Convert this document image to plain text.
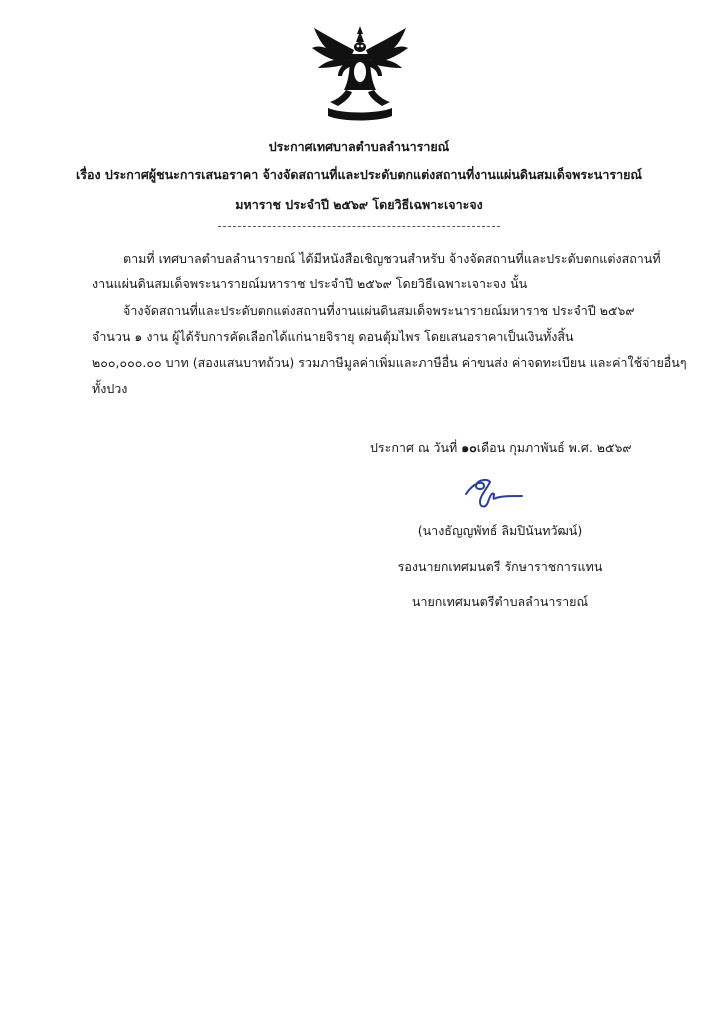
ประกาศเทศบาลตำบลลำนารายณ์
เรื่อง ประกาศผู้ชนะการเสนอราคา จ้างจัดสถานที่และประดับตกแต่งสถานที่งานแผ่นดินสมเด็จพระนารายณ์
มหาราช ประจำปี ๒๕๖๙ โดยวิธีเฉพาะเจาะจง
ตามที่ เทศบาลตำบลลำนารายณ์ ได้มีหนังสือเชิญชวนสำหรับ จ้างจัดสถานที่และประดับตกแต่งสถานที่
งานแผ่นดินสมเด็จพระนารายณ์มหาราช ประจำปี ๒๕๖๙ โดยวิธีเฉพาะเจาะจง นั้น
จ้างจัดสถานที่และประดับตกแต่งสถานที่งานแผ่นดินสมเด็จพระนารายณ์มหาราช ประจำปี ๒๕๖๙
จำนวน ๑ งาน ผู้ได้รับการคัดเลือกได้แก่นายจิรายุ ดอนตุ้มไพร โดยเสนอราคาเป็นเงินทั้งสิ้น
๒๐๐,๐๐๐.๐๐ บาท (สองแสนบาทถ้วน) รวมภาษีมูลค่าเพิ่มและภาษีอื่น ค่าขนส่ง ค่าจดทะเบียน และค่าใช้จ่ายอื่นๆ
ทั้งปวง
ประกาศ ณ วันที่ ๑๐เดือน กุมภาพันธ์ พ.ศ. ๒๕๖๙
(นางธัญญพัทธ์ ลิมปินันทวัฒน์)
รองนายกเทศมนตรี รักษาราชการแทน
นายกเทศมนตรีตำบลลำนารายณ์
